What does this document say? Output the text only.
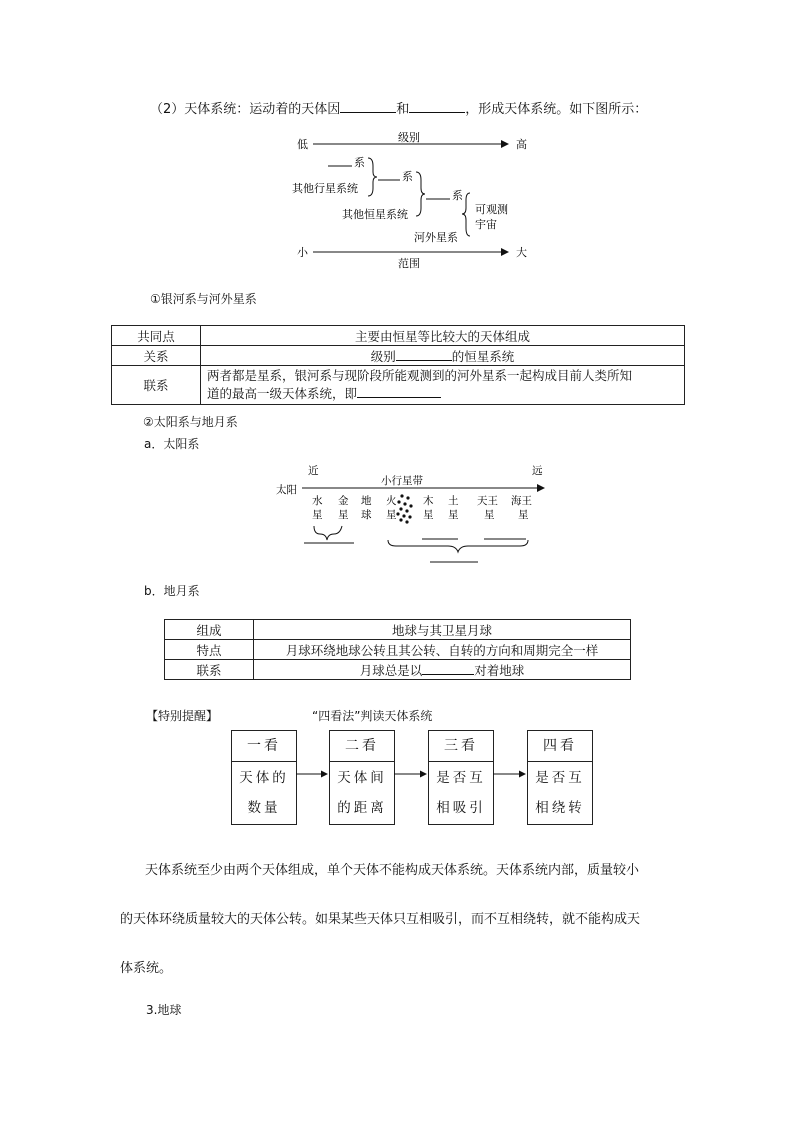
（2）天体系统：运动着的天体因	和	，形成天体系统。如下图所示：
低
级别
高
系
其他行星系统
系
其他恒星系统
系
可观测
宇宙
河外星系
小	大
范围
①银河系与河外星系
共同点	主要由恒星等比较大的天体组成
关系	级别 的恒星系统
联系	两者都是星系，银河系与现阶段所能观测到的河外星系一起构成目前人类所知
道的最高一级天体系统，即
②太阳系与地月系
a．太阳系
近	远
太阳
小行星带
水
星
金
星
地
球
火
星
木
星
土
星
天王
星
海王
星
b．地月系
组成	地球与其卫星月球
特点	月球环绕地球公转且其公转、自转的方向和周期完全一样
联系	月球总是以 对着地球
【特别提醒】	“四看法”判读天体系统
一看
天体的
数量
二看
天体间
的距离
三看
是否互
相吸引
四看
是否互
相绕转
天体系统至少由两个天体组成，单个天体不能构成天体系统。天体系统内部，质量较小
的天体环绕质量较大的天体公转。如果某些天体只互相吸引，而不互相绕转，就不能构成天
体系统。
3.地球
